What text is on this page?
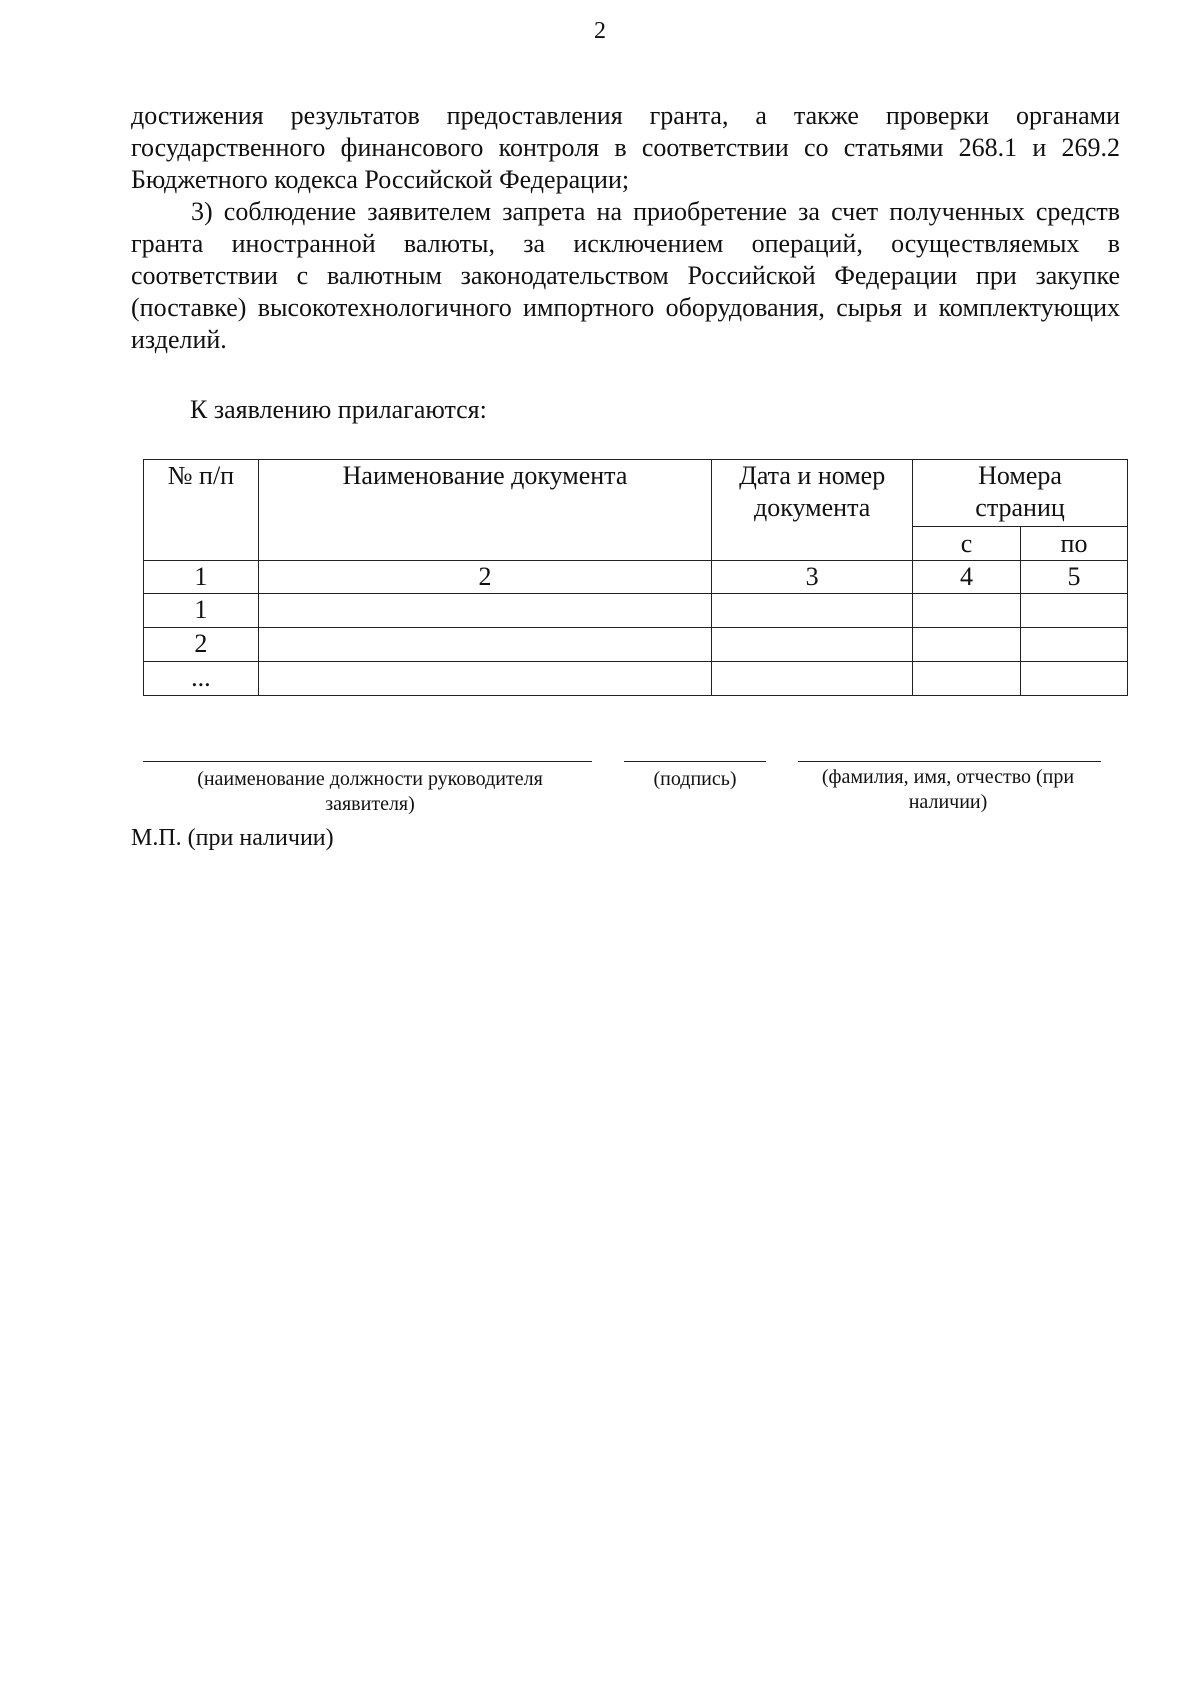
2

достижения результатов предоставления гранта, а также проверки органами государственного финансового контроля в соответствии со статьями 268.1 и 269.2 Бюджетного кодекса Российской Федерации;

3) соблюдение заявителем запрета на приобретение за счет полученных средств гранта иностранной валюты, за исключением операций, осуществляемых в соответствии с валютным законодательством Российской Федерации при закупке (поставке) высокотехнологичного импортного оборудования, сырья и комплектующих изделий.

К заявлению прилагаются:
№ п/п	Наименование документа	Дата и номер документа	Номера страниц	
			с	по
1	2	3	4	5
1				
2				
...				
(наименование должности руководителя заявителя)
(подпись)	(фамилия, имя, отчество (при наличии)
М.П. (при наличии)
